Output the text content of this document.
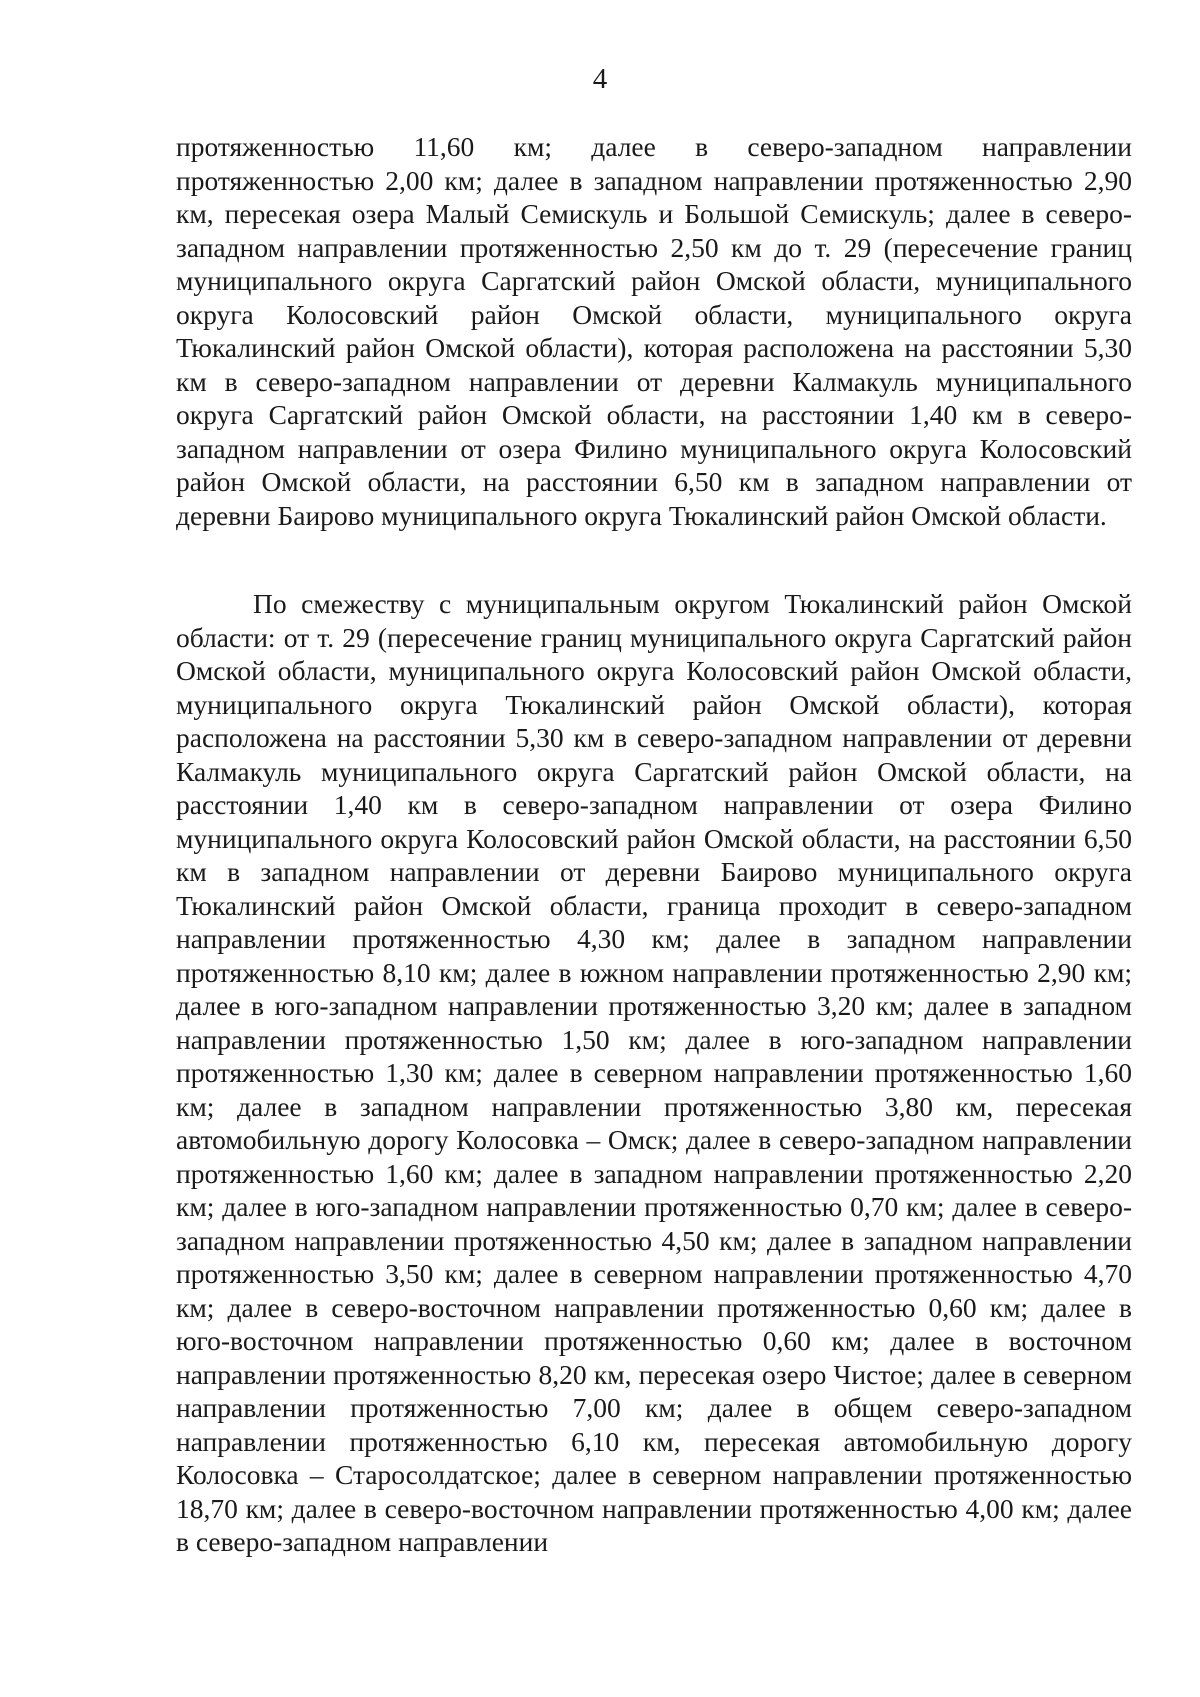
4

протяженностью 11,60 км; далее в северо-западном направлении протяженностью 2,00 км; далее в западном направлении протяженностью 2,90 км, пересекая озера Малый Семискуль и Большой Семискуль; далее в северо-западном направлении протяженностью 2,50 км до т. 29 (пересечение границ муниципального округа Саргатский район Омской области, муниципального округа Колосовский район Омской области, муниципального округа Тюкалинский район Омской области), которая расположена на расстоянии 5,30 км в северо-западном направлении от деревни Калмакуль муниципального округа Саргатский район Омской области, на расстоянии 1,40 км в северо-западном направлении от озера Филино муниципального округа Колосовский район Омской области, на расстоянии 6,50 км в западном направлении от деревни Баирово муниципального округа Тюкалинский район Омской области.

По смежеству с муниципальным округом Тюкалинский район Омской области: от т. 29 (пересечение границ муниципального округа Саргатский район Омской области, муниципального округа Колосовский район Омской области, муниципального округа Тюкалинский район Омской области), которая расположена на расстоянии 5,30 км в северо-западном направлении от деревни Калмакуль муниципального округа Саргатский район Омской области, на расстоянии 1,40 км в северо-западном направлении от озера Филино муниципального округа Колосовский район Омской области, на расстоянии 6,50 км в западном направлении от деревни Баирово муниципального округа Тюкалинский район Омской области, граница проходит в северо-западном направлении протяженностью 4,30 км; далее в западном направлении протяженностью 8,10 км; далее в южном направлении протяженностью 2,90 км; далее в юго-западном направлении протяженностью 3,20 км; далее в западном направлении протяженностью 1,50 км; далее в юго-западном направлении протяженностью 1,30 км; далее в северном направлении протяженностью 1,60 км; далее в западном направлении протяженностью 3,80 км, пересекая автомобильную дорогу Колосовка – Омск; далее в северо-западном направлении протяженностью 1,60 км; далее в западном направлении протяженностью 2,20 км; далее в юго-западном направлении протяженностью 0,70 км; далее в северо-западном направлении протяженностью 4,50 км; далее в западном направлении протяженностью 3,50 км; далее в северном направлении протяженностью 4,70 км; далее в северо-восточном направлении протяженностью 0,60 км; далее в юго-восточном направлении протяженностью 0,60 км; далее в восточном направлении протяженностью 8,20 км, пересекая озеро Чистое; далее в северном направлении протяженностью 7,00 км; далее в общем северо-западном направлении протяженностью 6,10 км, пересекая автомобильную дорогу Колосовка – Старосолдатское; далее в северном направлении протяженностью 18,70 км; далее в северо-восточном направлении протяженностью 4,00 км; далее в северо-западном направлении
